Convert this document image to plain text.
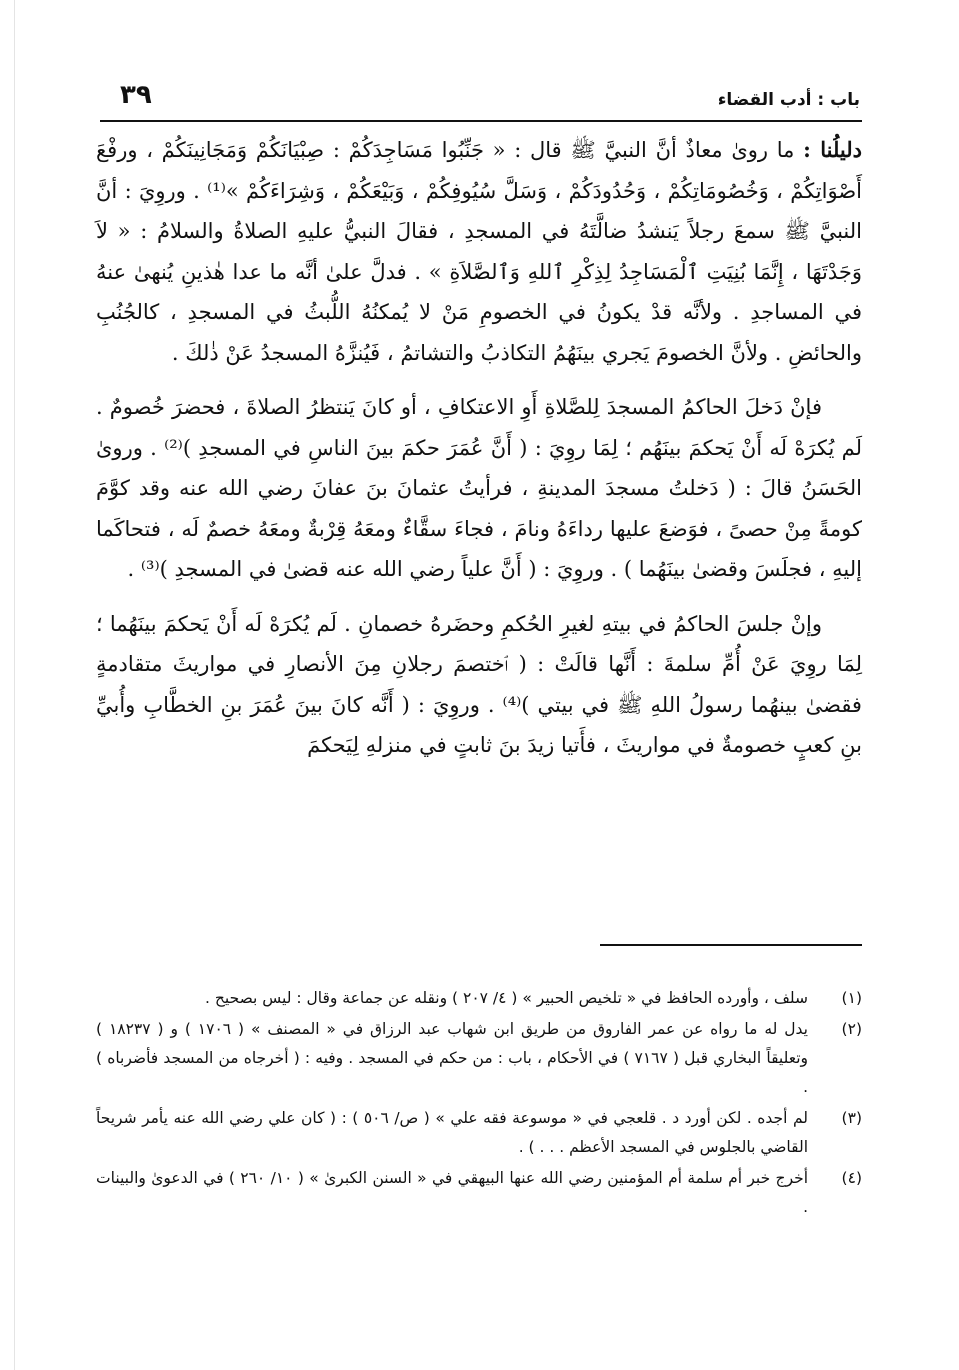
باب : أدب القضاء
٣٩

دليلُنا : ما روىٰ معاذٌ أنَّ النبيَّ ﷺ قال : « جَنِّبُوا مَسَاجِدَكُمْ : صِبْيَانَكُمْ وَمَجَانِينَكُمْ ، ورفْعَ أَصْوَاتِكُمْ ، وَخُصُومَاتِكُمْ ، وَحُدُودَكُمْ ، وَسَلَّ سُيُوفِكُمْ ، وَبَيْعَكُمْ ، وَشِرَاءَكُمْ »⁽¹⁾ . وروِيَ : أنَّ النبيَّ ﷺ سمعَ رجلاً يَنشدُ ضالَّتَهُ في المسجدِ ، فقالَ النبيُّ عليهِ الصلاةُ والسلامُ : « لاَ وَجَدْتَهَا ، إِنَّمَا بُنِيَتِ ٱلْمَسَاجِدُ لِذِكْرِ ٱللهِ وَٱلصَّلاَةِ » . فدلَّ علىٰ أنَّه ما عدا هٰذينِ يُنهىٰ عنهُ في المساجدِ . ولأنَّه قدْ يكونُ في الخصومِ مَنْ لا يُمكنُهُ اللُّبثُ في المسجدِ ، كالجُنُبِ والحائضِ . ولأنَّ الخصومَ يَجري بينَهُمُ التكاذبُ والتشاتمُ ، فَيُنزَّهُ المسجدُ عَنْ ذٰلكَ .

فإنْ دَخلَ الحاكمُ المسجدَ لِلصَّلاةِ أَوِ الاعتكافِ ، أو كانَ يَنتظرُ الصلاةَ ، فحضرَ خُصومٌ . لَم يُكرَهْ لَه أَنْ يَحكمَ بينَهُم ؛ لِمَا روِيَ : ( أَنَّ عُمَرَ حكمَ بينَ الناسِ في المسجدِ )⁽²⁾ . وروىٰ الحَسَنُ قالَ : ( دَخلتُ مسجدَ المدينةِ ، فرأيتُ عثمانَ بنَ عفانَ رضي الله عنه وقد كوَّمَ كومةً مِنْ حصىً ، فوَضعَ عليها رداءَهُ ونامَ ، فجاءَ سقَّاءٌ ومعَهُ قِرْبةٌ ومعَهُ خصمٌ لَه ، فتحاكَما إليهِ ، فجلَسَ وقضىٰ بينَهُما ) . وروِيَ : ( أَنَّ علياً رضي الله عنه قضىٰ في المسجدِ )⁽³⁾ .

وإنْ جلسَ الحاكمُ في بيتهِ لغيرِ الحُكمِ وحضَرهُ خصمانِ . لَم يُكرَهْ لَه أَنْ يَحكمَ بينَهُما ؛ لِمَا روِيَ عَنْ أُمِّ سلمةَ : أَنَّها قالَتْ : ( ٱختصمَ رجلانِ مِنَ الأنصارِ في مواريثَ متقادمةٍ فقضىٰ بينهُما رسولُ اللهِ ﷺ في بيتي )⁽⁴⁾ . وروِيَ : ( أَنَّه كانَ بينَ عُمَرَ بنِ الخطَّابِ وأُبيِّ بنِ كعبٍ خصومةٌ في مواريثَ ، فأَتيا زيدَ بنَ ثابتٍ في منزلهِ لِيَحكمَ

(١)
سلف ، وأورده الحافظ في « تلخيص الحبير » ( ٤/ ٢٠٧ ) ونقله عن جماعة وقال : ليس بصحيح .
(٢)
يدل له ما رواه عن عمر الفاروق من طريق ابن شهاب عبد الرزاق في « المصنف » ( ١٧٠٦ ) و ( ١٨٢٣٧ ) وتعليقاً البخاري قبل ( ٧١٦٧ ) في الأحكام ، باب : من حكم في المسجد . وفيه : ( أخرجاه من المسجد فأضرباه ) .
(٣)
لم أجده . لكن أورد د . قلعجي في « موسوعة فقه علي » ( ص/ ٥٠٦ ) : ( كان علي رضي الله عنه يأمر شريحاً القاضي بالجلوس في المسجد الأعظم . . . ) .
(٤)
أخرج خبر أم سلمة أم المؤمنين رضي الله عنها البيهقي في « السنن الكبرىٰ » ( ١٠/ ٢٦٠ ) في الدعوىٰ والبينات .
